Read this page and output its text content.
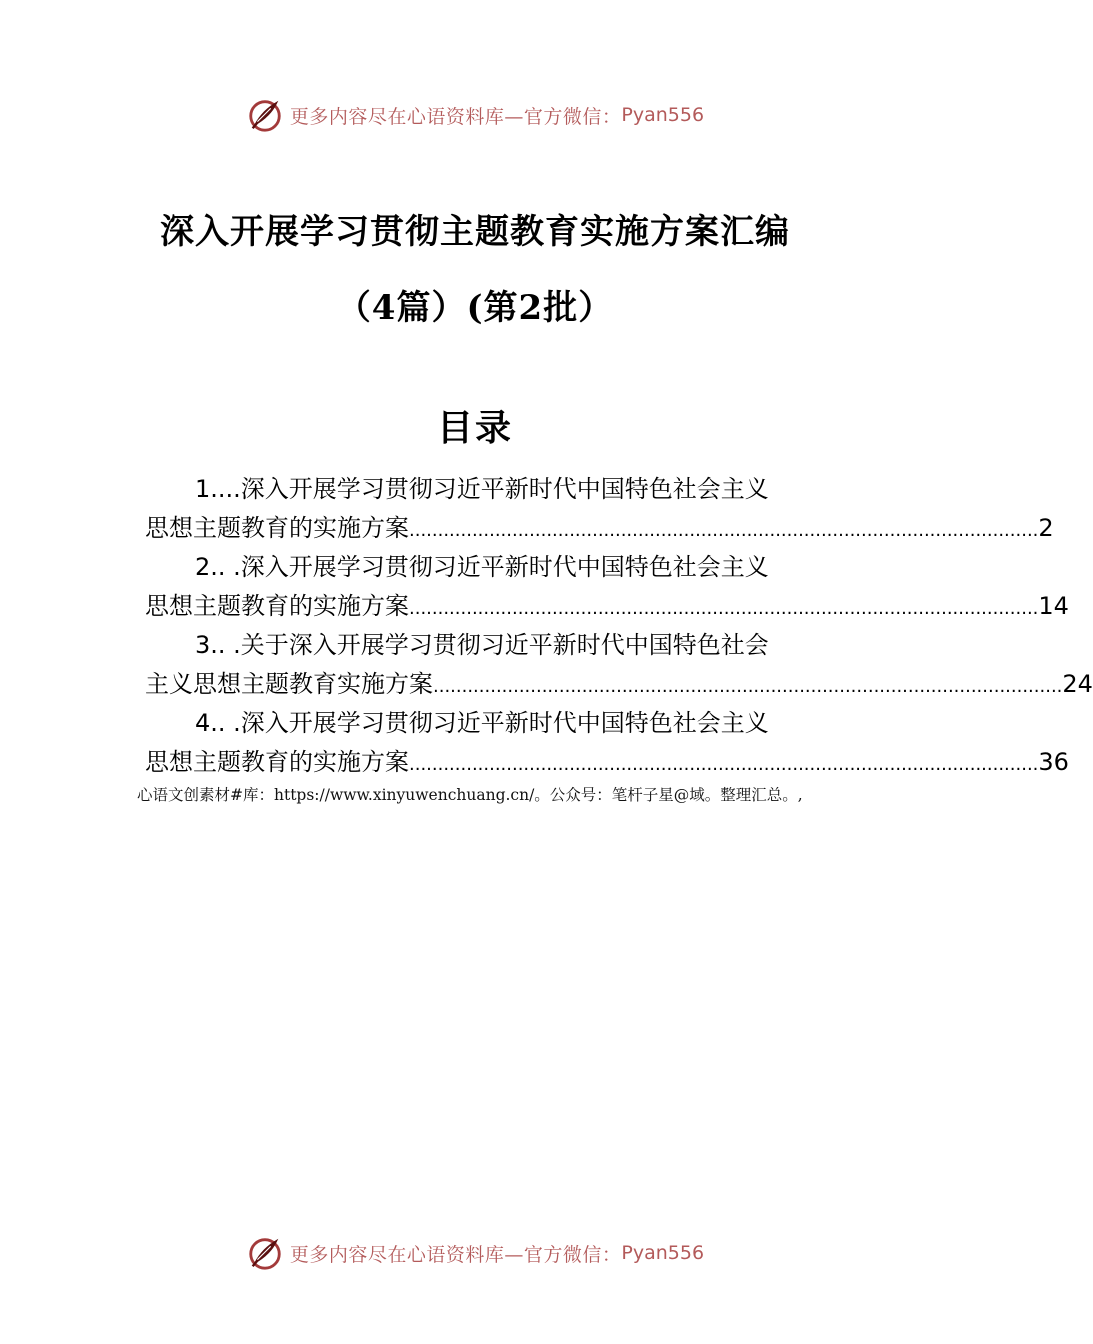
更多内容尽在心语资料库—官方微信： Pyan556
深入开展学习贯彻主题教育实施方案汇编
（4篇）(第2批）
目录
1....深入开展学习贯彻习近平新时代中国特色社会主义
思想主题教育的实施方案 .............................................................................................................. 2
2.. .深入开展学习贯彻习近平新时代中国特色社会主义
思想主题教育的实施方案 .............................................................................................................. 14
3.. .关于深入开展学习贯彻习近平新时代中国特色社会
主义思想主题教育实施方案 .............................................................................................................. 24
4.. .深入开展学习贯彻习近平新时代中国特色社会主义
思想主题教育的实施方案 .............................................................................................................. 36
心语文创素材#库：https://www.xinyuwenchuang.cn/。公众号：笔杆子星@域。整理汇总。,
更多内容尽在心语资料库—官方微信： Pyan556
